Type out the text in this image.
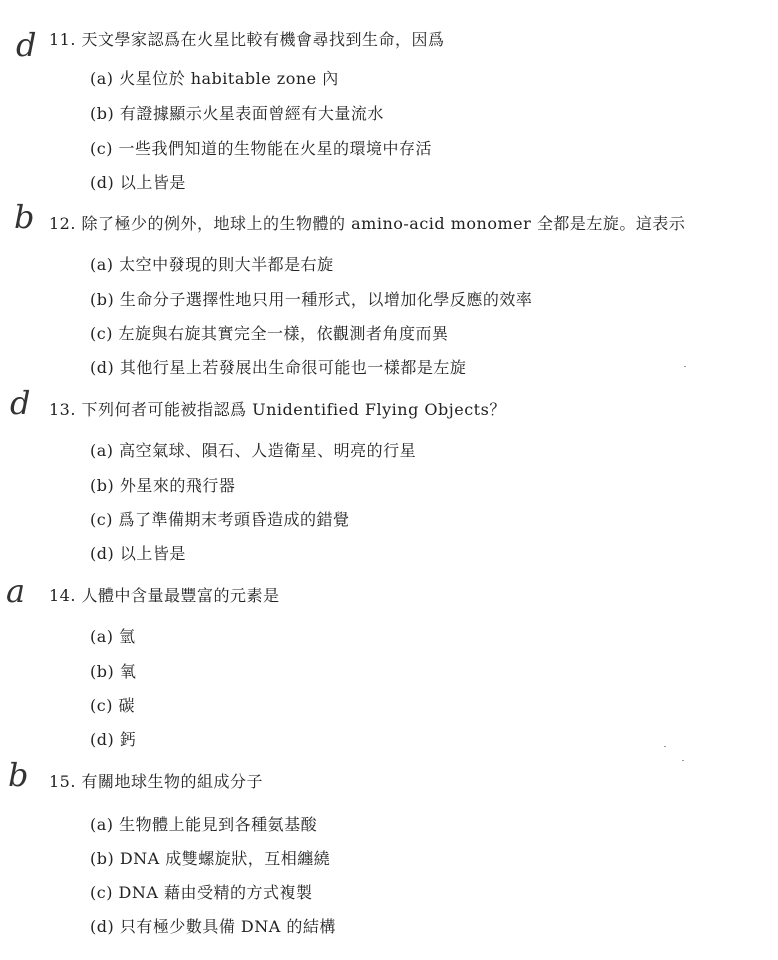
d 11. 天文學家認爲在火星比較有機會尋找到生命，因爲
(a) 火星位於 habitable zone 內
(b) 有證據顯示火星表面曾經有大量流水
(c) 一些我們知道的生物能在火星的環境中存活
(d) 以上皆是
b 12. 除了極少的例外，地球上的生物體的 amino-acid monomer 全都是左旋。這表示
(a) 太空中發現的則大半都是右旋
(b) 生命分子選擇性地只用一種形式，以增加化學反應的效率
(c) 左旋與右旋其實完全一樣，依觀測者角度而異
(d) 其他行星上若發展出生命很可能也一樣都是左旋
d 13. 下列何者可能被指認爲 Unidentified Flying Objects？
(a) 高空氣球、隕石、人造衛星、明亮的行星
(b) 外星來的飛行器
(c) 爲了準備期末考頭昏造成的錯覺
(d) 以上皆是
a 14. 人體中含量最豐富的元素是
(a) 氫
(b) 氧
(c) 碳
(d) 鈣
b 15. 有關地球生物的組成分子
(a) 生物體上能見到各種氨基酸
(b) DNA 成雙螺旋狀，互相纏繞
(c) DNA 藉由受精的方式複製
(d) 只有極少數具備 DNA 的結構
